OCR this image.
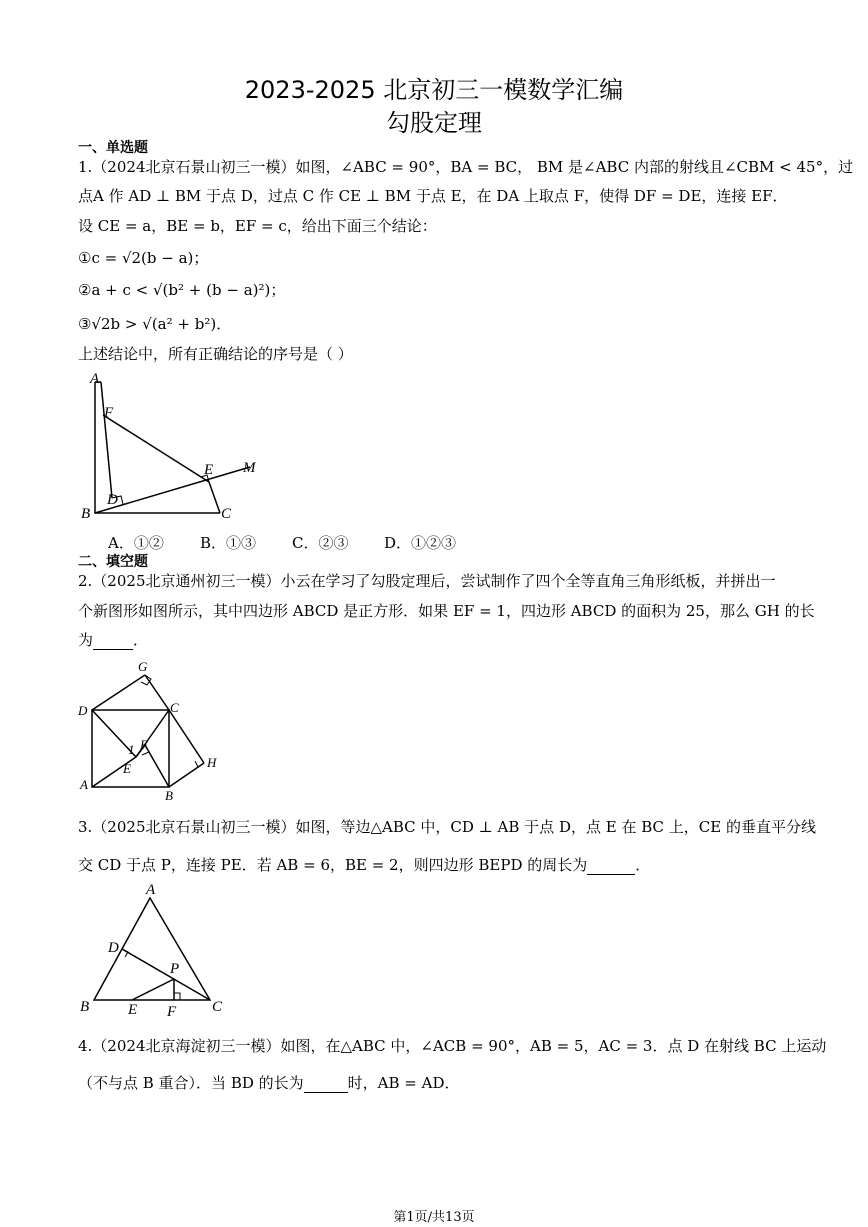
2023-2025 北京初三一模数学汇编
勾股定理
一、单选题
1.（2024北京石景山初三一模）如图，∠ABC = 90°，BA = BC， BM 是∠ABC 内部的射线且∠CBM < 45°，过
点A 作 AD ⊥ BM 于点 D，过点 C 作 CE ⊥ BM 于点 E，在 DA 上取点 F，使得 DF = DE，连接 EF．
设 CE = a，BE = b，EF = c，给出下面三个结论：
①c = √2(b − a)；
②a + c < √(b² + (b − a)²)；
③√2b > √(a² + b²)．
上述结论中，所有正确结论的序号是（ ）
A
F
E M
D
B	C
A．①② B．①③ C．②③ D．①②③
二、填空题
2.（2025北京通州初三一模）小云在学习了勾股定理后，尝试制作了四个全等直角三角形纸板，并拼出一
个新图形如图所示，其中四边形 ABCD 是正方形．如果 EF = 1，四边形 ABCD 的面积为 25，那么 GH 的长
为	．
G
D	C
F
1
E	H
A
B
3.（2025北京石景山初三一模）如图，等边△ABC 中，CD ⊥ AB 于点 D，点 E 在 BC 上，CE 的垂直平分线
交 CD 于点 P，连接 PE．若 AB = 6，BE = 2，则四边形 BEPD 的周长为	．
A
D
P
B	E F C
4.（2024北京海淀初三一模）如图，在△ABC 中，∠ACB = 90°，AB = 5，AC = 3．点 D 在射线 BC 上运动
（不与点 B 重合）．当 BD 的长为	时，AB = AD．
第1页/共13页
